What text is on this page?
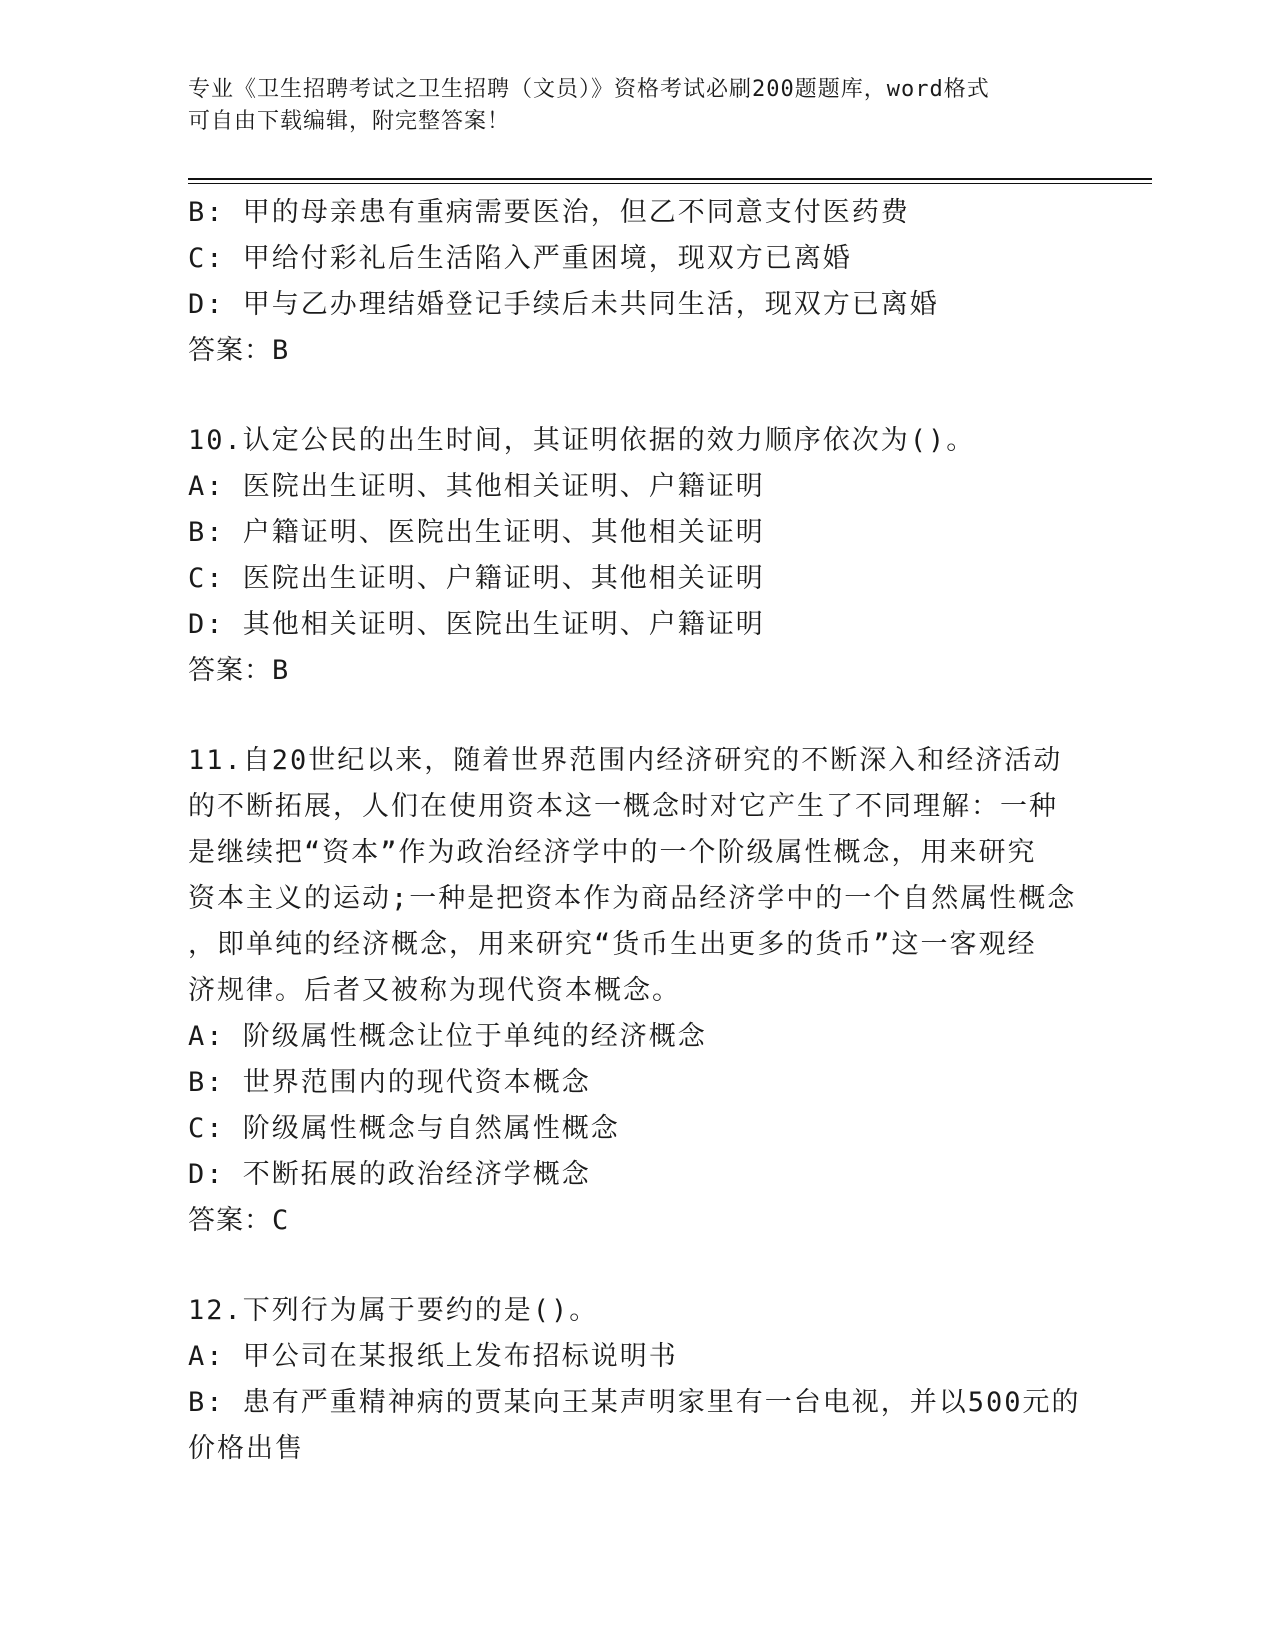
专业《卫生招聘考试之卫生招聘（文员）》资格考试必刷200题题库，word格式
可自由下载编辑，附完整答案！
B: 甲的母亲患有重病需要医治，但乙不同意支付医药费
C: 甲给付彩礼后生活陷入严重困境，现双方已离婚
D: 甲与乙办理结婚登记手续后未共同生活，现双方已离婚
答案：B
10.认定公民的出生时间，其证明依据的效力顺序依次为()。
A: 医院出生证明、其他相关证明、户籍证明
B: 户籍证明、医院出生证明、其他相关证明
C: 医院出生证明、户籍证明、其他相关证明
D: 其他相关证明、医院出生证明、户籍证明
答案：B
11.自20世纪以来，随着世界范围内经济研究的不断深入和经济活动
的不断拓展，人们在使用资本这一概念时对它产生了不同理解：一种
是继续把“资本”作为政治经济学中的一个阶级属性概念，用来研究
资本主义的运动;一种是把资本作为商品经济学中的一个自然属性概念
，即单纯的经济概念，用来研究“货币生出更多的货币”这一客观经
济规律。后者又被称为现代资本概念。
A: 阶级属性概念让位于单纯的经济概念
B: 世界范围内的现代资本概念
C: 阶级属性概念与自然属性概念
D: 不断拓展的政治经济学概念
答案：C
12.下列行为属于要约的是()。
A: 甲公司在某报纸上发布招标说明书
B: 患有严重精神病的贾某向王某声明家里有一台电视，并以500元的
价格出售
